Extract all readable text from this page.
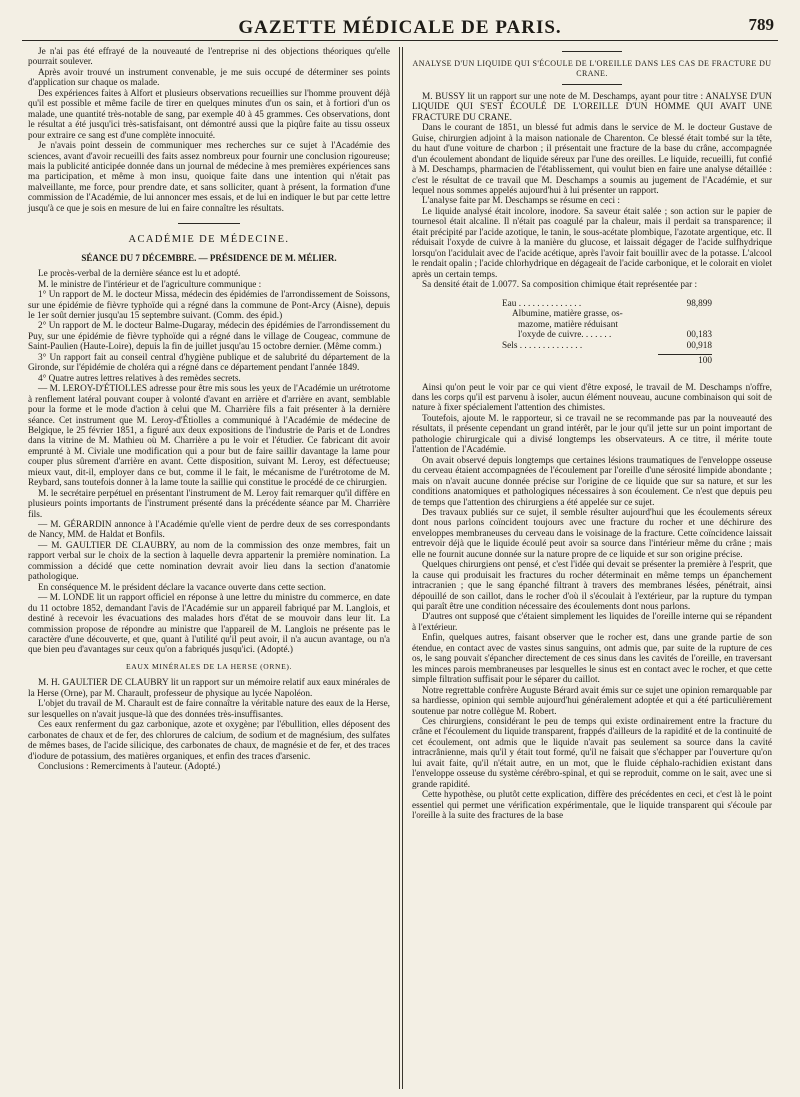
GAZETTE MÉDICALE DE PARIS.	789

Je n'ai pas été effrayé de la nouveauté de l'entreprise ni des objections théoriques qu'elle pourrait soulever.

Après avoir trouvé un instrument convenable, je me suis occupé de déterminer ses points d'application sur chaque os malade.

Des expériences faites à Alfort et plusieurs observations recueillies sur l'homme prouvent déjà qu'il est possible et même facile de tirer en quelques minutes d'un os sain, et à fortiori d'un os malade, une quantité très-notable de sang, par exemple 40 à 45 grammes. Ces observations, dont le résultat a été jusqu'ici très-satisfaisant, ont démontré aussi que la piqûre faite au tissu osseux pour extraire ce sang est d'une complète innocuité.

Je n'avais point dessein de communiquer mes recherches sur ce sujet à l'Académie des sciences, avant d'avoir recueilli des faits assez nombreux pour fournir une conclusion rigoureuse; mais la publicité anticipée donnée dans un journal de médecine à mes premières expériences sans ma participation, et même à mon insu, quoique faite dans une intention qui n'était pas malveillante, me force, pour prendre date, et sans solliciter, quant à présent, la formation d'une commission de l'Académie, de lui annoncer mes essais, et de lui en indiquer le but par cette lettre jusqu'à ce que je sois en mesure de lui en faire connaître les résultats.

ACADÉMIE DE MÉDECINE.
SÉANCE DU 7 DÉCEMBRE. — PRÉSIDENCE DE M. MÉLIER.

Le procès-verbal de la dernière séance est lu et adopté.

M. le ministre de l'intérieur et de l'agriculture communique :

1° Un rapport de M. le docteur Missa, médecin des épidémies de l'arrondissement de Soissons, sur une épidémie de fièvre typhoïde qui a régné dans la commune de Pont-Arcy (Aisne), depuis le 1er soût dernier jusqu'au 15 septembre suivant. (Comm. des épid.)

2° Un rapport de M. le docteur Balme-Dugaray, médecin des épidémies de l'arrondissement du Puy, sur une épidémie de fièvre typhoïde qui a régné dans le village de Cougeac, commune de Saint-Paulien (Haute-Loire), depuis la fin de juillet jusqu'au 15 octobre dernier. (Même comm.)

3° Un rapport fait au conseil central d'hygiène publique et de salubrité du département de la Gironde, sur l'épidémie de choléra qui a régné dans ce département pendant l'année 1849.

4° Quatre autres lettres relatives à des remèdes secrets.

— M. LEROY-D'ÉTIOLLES adresse pour être mis sous les yeux de l'Académie un urétrotome à renflement latéral pouvant couper à volonté d'avant en arrière et d'arrière en avant, semblable pour la forme et le mode d'action à celui que M. Charrière fils a fait présenter à la dernière séance. Cet instrument que M. Leroy-d'Étiolles a communiqué à l'Académie de médecine de Belgique, le 25 février 1851, a figuré aux deux expositions de l'industrie de Paris et de Londres dans la vitrine de M. Mathieu où M. Charrière a pu le voir et l'étudier. Ce fabricant dit avoir emprunté à M. Civiale une modification qui a pour but de faire saillir davantage la lame pour couper plus sûrement d'arrière en avant. Cette disposition, suivant M. Leroy, est défectueuse; mieux vaut, dit-il, employer dans ce but, comme il le fait, le mécanisme de l'urétrotome de M. Reybard, sans toutefois donner à la lame toute la saillie qui constitue le procédé de ce chirurgien.

M. le secrétaire perpétuel en présentant l'instrument de M. Leroy fait remarquer qu'il diffère en plusieurs points importants de l'instrument présenté dans la précédente séance par M. Charrière fils.

— M. GÉRARDIN annonce à l'Académie qu'elle vient de perdre deux de ses correspondants de Nancy, MM. de Haldat et Bonfils.

— M. GAULTIER DE CLAUBRY, au nom de la commission des onze membres, fait un rapport verbal sur le choix de la section à laquelle devra appartenir la première nomination. La commission a décidé que cette nomination devrait avoir lieu dans la section d'anatomie pathologique.

En conséquence M. le président déclare la vacance ouverte dans cette section.

— M. LONDE lit un rapport officiel en réponse à une lettre du ministre du commerce, en date du 11 octobre 1852, demandant l'avis de l'Académie sur un appareil fabriqué par M. Langlois, et destiné à recevoir les évacuations des malades hors d'état de se mouvoir dans leur lit. La commission propose de répondre au ministre que l'appareil de M. Langlois ne présente pas le caractère d'une découverte, et que, quant à l'utilité qu'il peut avoir, il n'a aucun avantage, ou n'a que bien peu d'avantages sur ceux qu'on a fabriqués jusqu'ici. (Adopté.)

EAUX MINÉRALES DE LA HERSE (ORNE).

M. H. GAULTIER DE CLAUBRY lit un rapport sur un mémoire relatif aux eaux minérales de la Herse (Orne), par M. Charault, professeur de physique au lycée Napoléon.

L'objet du travail de M. Charault est de faire connaître la véritable nature des eaux de la Herse, sur lesquelles on n'avait jusque-là que des données très-insuffisantes.

Ces eaux renferment du gaz carbonique, azote et oxygène; par l'ébullition, elles déposent des carbonates de chaux et de fer, des chlorures de calcium, de sodium et de magnésium, des sulfates de mêmes bases, de l'acide silicique, des carbonates de chaux, de magnésie et de fer, et des traces d'iodure de potassium, des matières organiques, et enfin des traces d'arsenic.

Conclusions : Remerciments à l'auteur. (Adopté.)

ANALYSE D'UN LIQUIDE QUI S'ÉCOULE DE L'OREILLE DANS LES CAS DE FRACTURE DU CRANE.

M. BUSSY lit un rapport sur une note de M. Deschamps, ayant pour titre : ANALYSE D'UN LIQUIDE QUI S'EST ÉCOULÉ DE L'OREILLE D'UN HOMME QUI AVAIT UNE FRACTURE DU CRANE.

Dans le courant de 1851, un blessé fut admis dans le service de M. le docteur Gustave de Guise, chirurgien adjoint à la maison nationale de Charenton. Ce blessé était tombé sur la tête, du haut d'une voiture de charbon ; il présentait une fracture de la base du crâne, accompagnée d'un écoulement abondant de liquide séreux par l'une des oreilles. Le liquide, recueilli, fut confié à M. Deschamps, pharmacien de l'établissement, qui voulut bien en faire une analyse détaillée : c'est le résultat de ce travail que M. Deschamps a soumis au jugement de l'Académie, et sur lequel nous sommes appelés aujourd'hui à lui présenter un rapport.

L'analyse faite par M. Deschamps se résume en ceci :

Le liquide analysé était incolore, inodore. Sa saveur était salée ; son action sur le papier de tournesol était alcaline. Il n'était pas coagulé par la chaleur, mais il perdait sa transparence; il était précipité par l'acide azotique, le tanin, le sous-acétate plombique, l'azotate argentique, etc. Il réduisait l'oxyde de cuivre à la manière du glucose, et laissait dégager de l'acide sulfhydrique lorsqu'on l'acidulait avec de l'acide acétique, après l'avoir fait bouillir avec de la potasse. L'alcool le rendait opalin ; l'acide chlorhydrique en dégageait de l'acide carbonique, et le colorait en violet après un certain temps.

Sa densité était de 1.0077. Sa composition chimique était représentée par :

Eau . . . . . . . . . . . . . .	98,899
Albumine, matière grasse, os-
mazome, matière réduisant
l'oxyde de cuivre. . . . . . .	00,183
Sels . . . . . . . . . . . . . .	00,918
100

Ainsi qu'on peut le voir par ce qui vient d'être exposé, le travail de M. Deschamps n'offre, dans les corps qu'il est parvenu à isoler, aucun élément nouveau, aucune combinaison qui soit de nature à fixer spécialement l'attention des chimistes.

Toutefois, ajoute M. le rapporteur, si ce travail ne se recommande pas par la nouveauté des résultats, il présente cependant un grand intérêt, par le jour qu'il jette sur un point important de pathologie chirurgicale qui a divisé longtemps les observateurs. A ce titre, il mérite toute l'attention de l'Académie.

On avait observé depuis longtemps que certaines lésions traumatiques de l'enveloppe osseuse du cerveau étaient accompagnées de l'écoulement par l'oreille d'une sérosité limpide abondante ; mais on n'avait aucune donnée précise sur l'origine de ce liquide que sur sa nature, et sur les conditions anatomiques et pathologiques nécessaires à son écoulement. Ce n'est que depuis peu de temps que l'attention des chirurgiens a été appelée sur ce sujet.

Des travaux publiés sur ce sujet, il semble résulter aujourd'hui que les écoulements séreux dont nous parlons coïncident toujours avec une fracture du rocher et une déchirure des enveloppes membraneuses du cerveau dans le voisinage de la fracture. Cette coïncidence laissait entrevoir déjà que le liquide écoulé peut avoir sa source dans l'intérieur même du crâne ; mais elle ne fournit aucune donnée sur la nature propre de ce liquide et sur son origine précise.

Quelques chirurgiens ont pensé, et c'est l'idée qui devait se présenter la première à l'esprit, que la cause qui produisait les fractures du rocher déterminait en même temps un épanchement intracranien ; que le sang épanché filtrant à travers des membranes lésées, pénétrait, ainsi dépouillé de son caillot, dans le rocher d'où il s'écoulait à l'extérieur, par la rupture du tympan qui paraît être une condition nécessaire des écoulements dont nous parlons.

D'autres ont supposé que c'étaient simplement les liquides de l'oreille interne qui se répandent à l'extérieur.

Enfin, quelques autres, faisant observer que le rocher est, dans une grande partie de son étendue, en contact avec de vastes sinus sanguins, ont admis que, par suite de la rupture de ces os, le sang pouvait s'épancher directement de ces sinus dans les cavités de l'oreille, en traversant les minces parois membraneuses par lesquelles le sinus est en contact avec le rocher, et que cette simple filtration suffisait pour le séparer du caillot.

Notre regrettable confrère Auguste Bérard avait émis sur ce sujet une opinion remarquable par sa hardiesse, opinion qui semble aujourd'hui généralement adoptée et qui a été particulièrement soutenue par notre collègue M. Robert.

Ces chirurgiens, considérant le peu de temps qui existe ordinairement entre la fracture du crâne et l'écoulement du liquide transparent, frappés d'ailleurs de la rapidité et de la continuité de cet écoulement, ont admis que le liquide n'avait pas seulement sa source dans la cavité intracrânienne, mais qu'il y était tout formé, qu'il ne faisait que s'échapper par l'ouverture qu'on lui avait faite, qu'il n'était autre, en un mot, que le fluide céphalo-rachidien existant dans l'enveloppe osseuse du système cérébro-spinal, et qui se reproduit, comme on le sait, avec une si grande rapidité.

Cette hypothèse, ou plutôt cette explication, diffère des précédentes en ceci, et c'est là le point essentiel qui permet une vérification expérimentale, que le liquide transparent qui s'écoule par l'oreille à la suite des fractures de la base
